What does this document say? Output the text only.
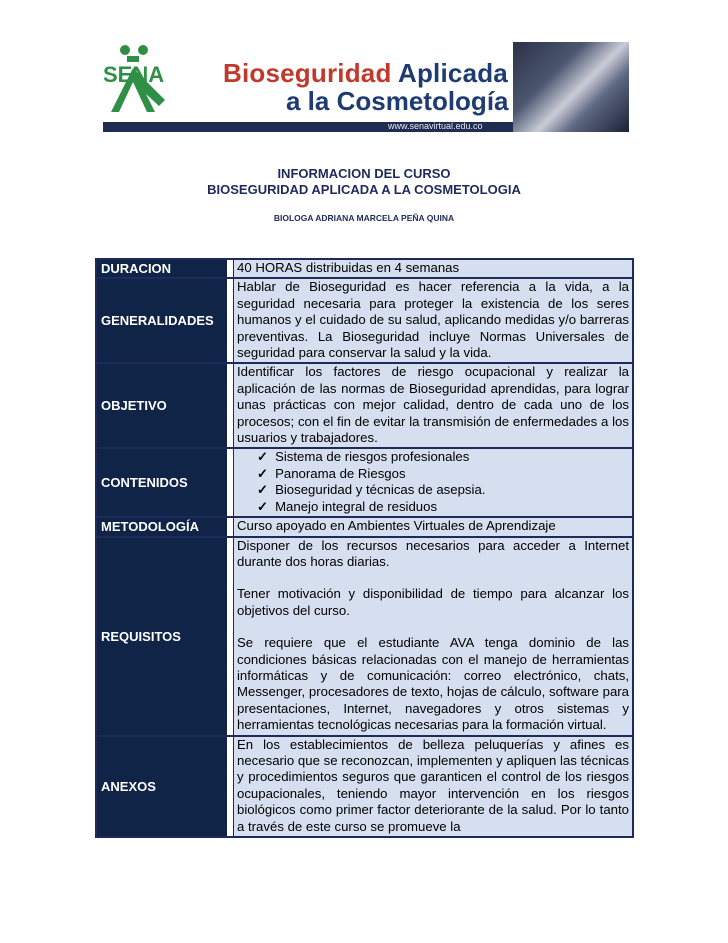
SENA Bioseguridad Aplicada
a la Cosmetología
www.senavirtual.edu.co
INFORMACION DEL CURSO
BIOSEGURIDAD APLICADA A LA COSMETOLOGIA
BIOLOGA ADRIANA MARCELA PEÑA QUINA
DURACION	40 HORAS distribuidas en 4 semanas
GENERALIDADES
Hablar de Bioseguridad es hacer referencia a la vida, a la seguridad necesaria para proteger la existencia de los seres humanos y el cuidado de su salud, aplicando medidas y/o barreras preventivas. La Bioseguridad incluye Normas Universales de seguridad para conservar la salud y la vida.
OBJETIVO
Identificar los factores de riesgo ocupacional y realizar la aplicación de las normas de Bioseguridad aprendidas, para lograr unas prácticas con mejor calidad, dentro de cada uno de los procesos; con el fin de evitar la transmisión de enfermedades a los usuarios y trabajadores.
CONTENIDOS
✓ Sistema de riesgos profesionales
✓ Panorama de Riesgos
✓ Bioseguridad y técnicas de asepsia.
✓ Manejo integral de residuos
METODOLOGÍA	Curso apoyado en Ambientes Virtuales de Aprendizaje
REQUISITOS

Disponer de los recursos necesarios para acceder a Internet durante dos horas diarias.

Tener motivación y disponibilidad de tiempo para alcanzar los objetivos del curso.

Se requiere que el estudiante AVA tenga dominio de las condiciones básicas relacionadas con el manejo de herramientas informáticas y de comunicación: correo electrónico, chats, Messenger, procesadores de texto, hojas de cálculo, software para presentaciones, Internet, navegadores y otros sistemas y herramientas tecnológicas necesarias para la formación virtual.

ANEXOS
En los establecimientos de belleza peluquerías y afines es necesario que se reconozcan, implementen y apliquen las técnicas y procedimientos seguros que garanticen el control de los riesgos ocupacionales, teniendo mayor intervención en los riesgos biológicos como primer factor deteriorante de la salud. Por lo tanto a través de este curso se promueve la
